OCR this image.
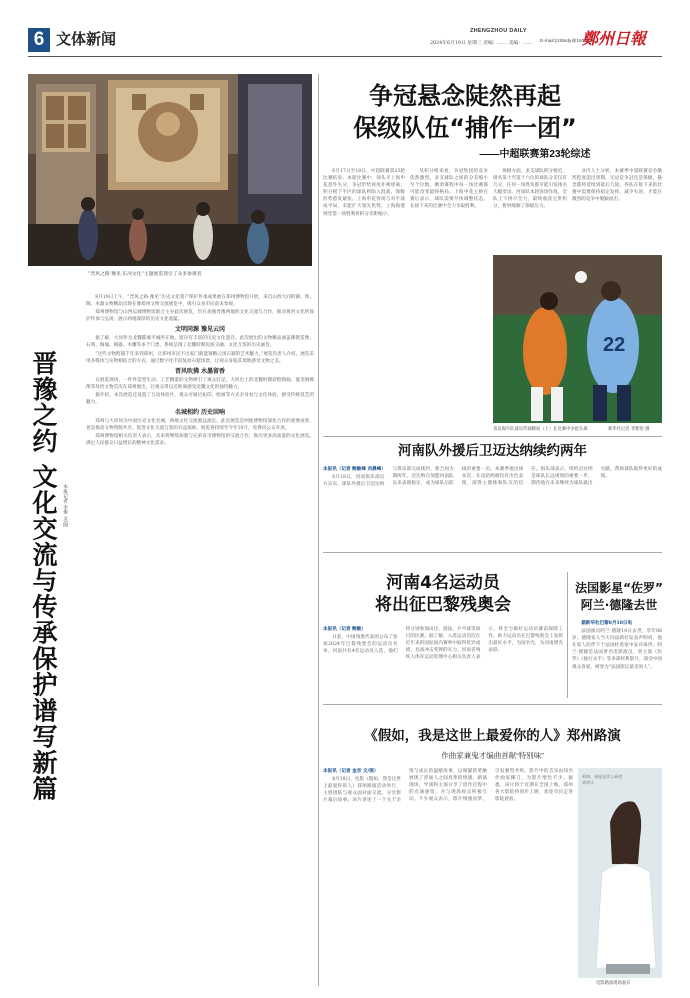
6 文体新闻	ZHENGZHOU DAILY
2024年6月19日 星期三 责编：…… 美编：…… E-mail:zzrbsdy@163.com
鄭州日報
“晋风之路·豫见·东河文化”主题展览现引了众多参观者
晋豫之约 文化交流与传承保护谱写新篇 本报记者 李俊 文/图

8月19日上午，“晋风之路·豫见”历史文化遗产保护传承成果展在郑州博物馆开展，来自山西大同的铜、铁、陶、木器文物精品出现在豫郑州文物交流展览中，吸引众多市民前来参观。

郑州博物馆与山西运城博物馆联合主办此次展览，旨在加强晋豫两地的文化交流与合作，推动黄河文化的保护传承与弘扬，展示两地深厚的历史文化底蕴。

文明同源 豫见云冈

据了解，大同作为北魏都城平城所在地，留存有丰富的历史文化遗存。此次展出的文物精品涵盖佛教造像、石刻、陶俑、铜器、木雕等多个门类，系统呈现了北魏时期民族交融、文化互鉴的历史画卷。

“这些文物跨越千年来到郑州，让郑州市民不出家门就能领略云冈石窟的艺术魅力。”展览负责人介绍，展览采用多媒体与实物相结合的方式，通过数字化手段复原石窟场景，让观众身临其境地感受文物之美。

晋风吹拂 水墨留香

在展览现场，一件件造型生动、工艺精湛的文物吸引了观众驻足。大同出土的北魏时期彩绘陶俑、鎏金铜佛像等珍贵文物首次在郑州展出，让观众得以近距离感受北魏文化的独特魅力。

据介绍，本次展览还设置了互动体验区，观众可通过拓印、绘画等方式亲身参与文化体验，感受传统技艺的魅力。

名城相约 历史回响

郑州与大同同为中国历史文化名城，两地文化交流源远流长。此次展览是两地博物馆深化合作的重要成果，也是推动文物资源共享、促进文化交流互鉴的有益探索。展览将持续至今年10月，免费向公众开放。

郑州博物馆相关负责人表示，未来将继续加强与兄弟省市博物馆的交流合作，推出更多高质量的文化展览，满足人民群众日益增长的精神文化需求。

争冠悬念陡然再起
保级队伍“捕作一团”
——中超联赛第23轮综述

6月17日至18日，中超联赛第23轮比赛结束。本轮比赛中，领头羊上海申花意外失分，争冠形势再度扑朔迷离；积分榜下半区的球队则陷入混战，保级形势愈发紧张。上海申花客场与对手战成平局，未能扩大领先优势，上海海港则凭借一场胜利将积分差距缩小。

从积分榜来看，争冠集团的竞争依然激烈，多支球队之间的分差缩小至个位数，剩余赛程中每一场比赛都可能改变最终格局。上海申花主帅在赛后表示，球队需要尽快调整状态，在接下来的比赛中全力争取胜利。

保级方面，多支球队积分接近，排名第十至第十六位的球队分差仅有几分，任何一场胜负都可能引发排名大幅变动。河南队本轮客场作战，全队上下拼尽全力，最终收获宝贵积分，暂时缓解了保级压力。

业内人士分析，本赛季中超联赛竞争激烈程度超出预期，无论是争冠还是保级，悬念都将延续到最后几轮。各队在接下来的比赛中需要保持稳定发挥，减少失误，才能在激烈的竞争中脱颖而出。

22
青岛海牛队球员传球瞬间（上）在比赛中争抢头球	新华社记者 李紫恒 摄
河南队外援后卫迈达纳续约两年

本报讯（记者 鲍敏峰 刘晨峰）

6月18日，河南俱乐部官方宣布，球队外援后卫迈达纳与俱乐部完成续约，新合同为期两年。迈达纳自加盟河南队以来表现稳定，成为球队后防线的重要一员。本赛季他出场多次，在攻防两端均有出色表现，深得主教练和队友的信任。俱乐部表示，续约迈达纳是球队长远规划的重要一步，期待他在未来继续为球队做出贡献，帮助球队取得更好的成绩。

河南4名运动员
将出征巴黎残奥会

本报讯（记者 鲍敏）

日前，中国残奥代表团公布了参加2024年巴黎残奥会的运动员名单，河南共有4名运动员入选，他们将分别参加田径、游泳、乒乓球等项目的比赛。据了解，入选运动员均在近年来的国际国内赛事中取得优异成绩，具备冲击奖牌的实力。河南省残疾人体育运动管理中心相关负责人表示，将全力做好运动员赛前保障工作，助力运动员在巴黎残奥会上发挥出最好水平，为国争光，为河南增光添彩。

法国影星“佐罗”
阿兰·德隆去世

据新华社巴黎8月18日电

法国演员阿兰·德隆18日去世，享年88岁。德隆家人当天向法新社发表声明说，他在家人陪伴下于法国杜希家中安详离世。阿兰·德隆是法国著名电影演员，曾主演《佐罗》《独行杀手》等多部经典影片，深受中国观众喜爱，被誉为“法国影坛最美男人”。

《假如，我是这世上最爱你的人》郑州路演
作曲家兼鬼才编曲首献“特别味”

本报讯（记者 金京 文/图）

8月18日，电影《假如，我是这世上最爱你的人》郑州路演活动举行，主创团队与观众面对面交流，分享影片幕后故事。该片讲述了一个关于亲情与成长的温暖故事，以细腻的笔触展现了普通人之间真挚的情感。路演现场，导演和主演分享了创作过程中的点滴感悟，并与现场观众积极互动。不少观众表示，影片情感真挚，引发强烈共鸣。影片中的音乐由知名作曲家操刀，为影片增色不少。据悉，该片将于近期在全国上映，郑州各大影院将同步上映，欢迎市民走进影院观看。

假如，我是这世上最爱你的人
电影路演现场嘉宾
